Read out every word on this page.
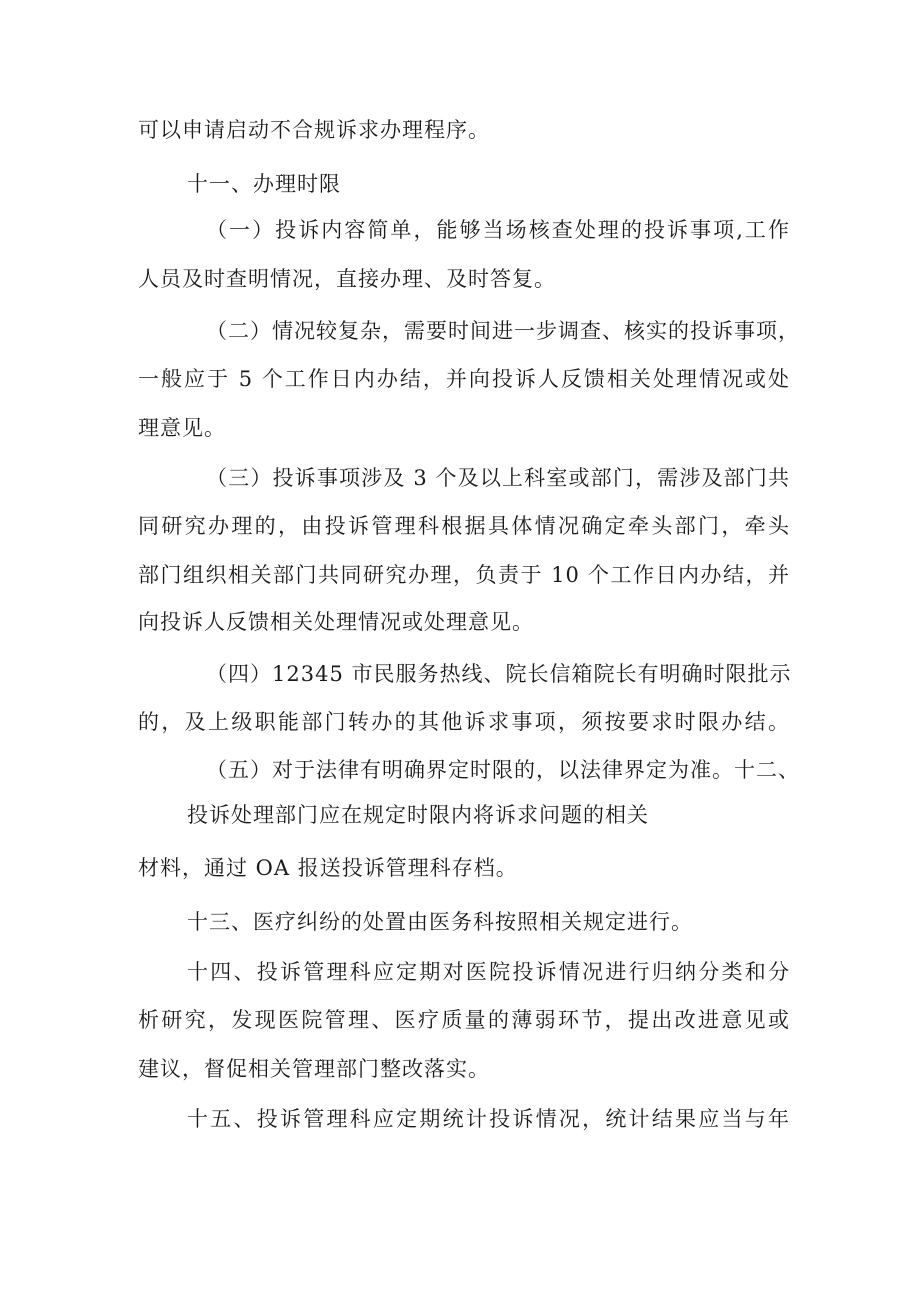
可以申请启动不合规诉求办理程序。
十一、办理时限
（一）投诉内容简单，能够当场核查处理的投诉事项,工作
人员及时查明情况，直接办理、及时答复。
（二）情况较复杂，需要时间进一步调查、核实的投诉事项，
一般应于 5 个工作日内办结，并向投诉人反馈相关处理情况或处
理意见。
（三）投诉事项涉及 3 个及以上科室或部门，需涉及部门共
同研究办理的，由投诉管理科根据具体情况确定牵头部门，牵头
部门组织相关部门共同研究办理，负责于 10 个工作日内办结，并
向投诉人反馈相关处理情况或处理意见。
（四）12345 市民服务热线、院长信箱院长有明确时限批示
的，及上级职能部门转办的其他诉求事项，须按要求时限办结。
（五）对于法律有明确界定时限的，以法律界定为准。十二、
投诉处理部门应在规定时限内将诉求问题的相关
材料，通过 OA 报送投诉管理科存档。
十三、医疗纠纷的处置由医务科按照相关规定进行。
十四、投诉管理科应定期对医院投诉情况进行归纳分类和分
析研究，发现医院管理、医疗质量的薄弱环节，提出改进意见或
建议，督促相关管理部门整改落实。
十五、投诉管理科应定期统计投诉情况，统计结果应当与年
